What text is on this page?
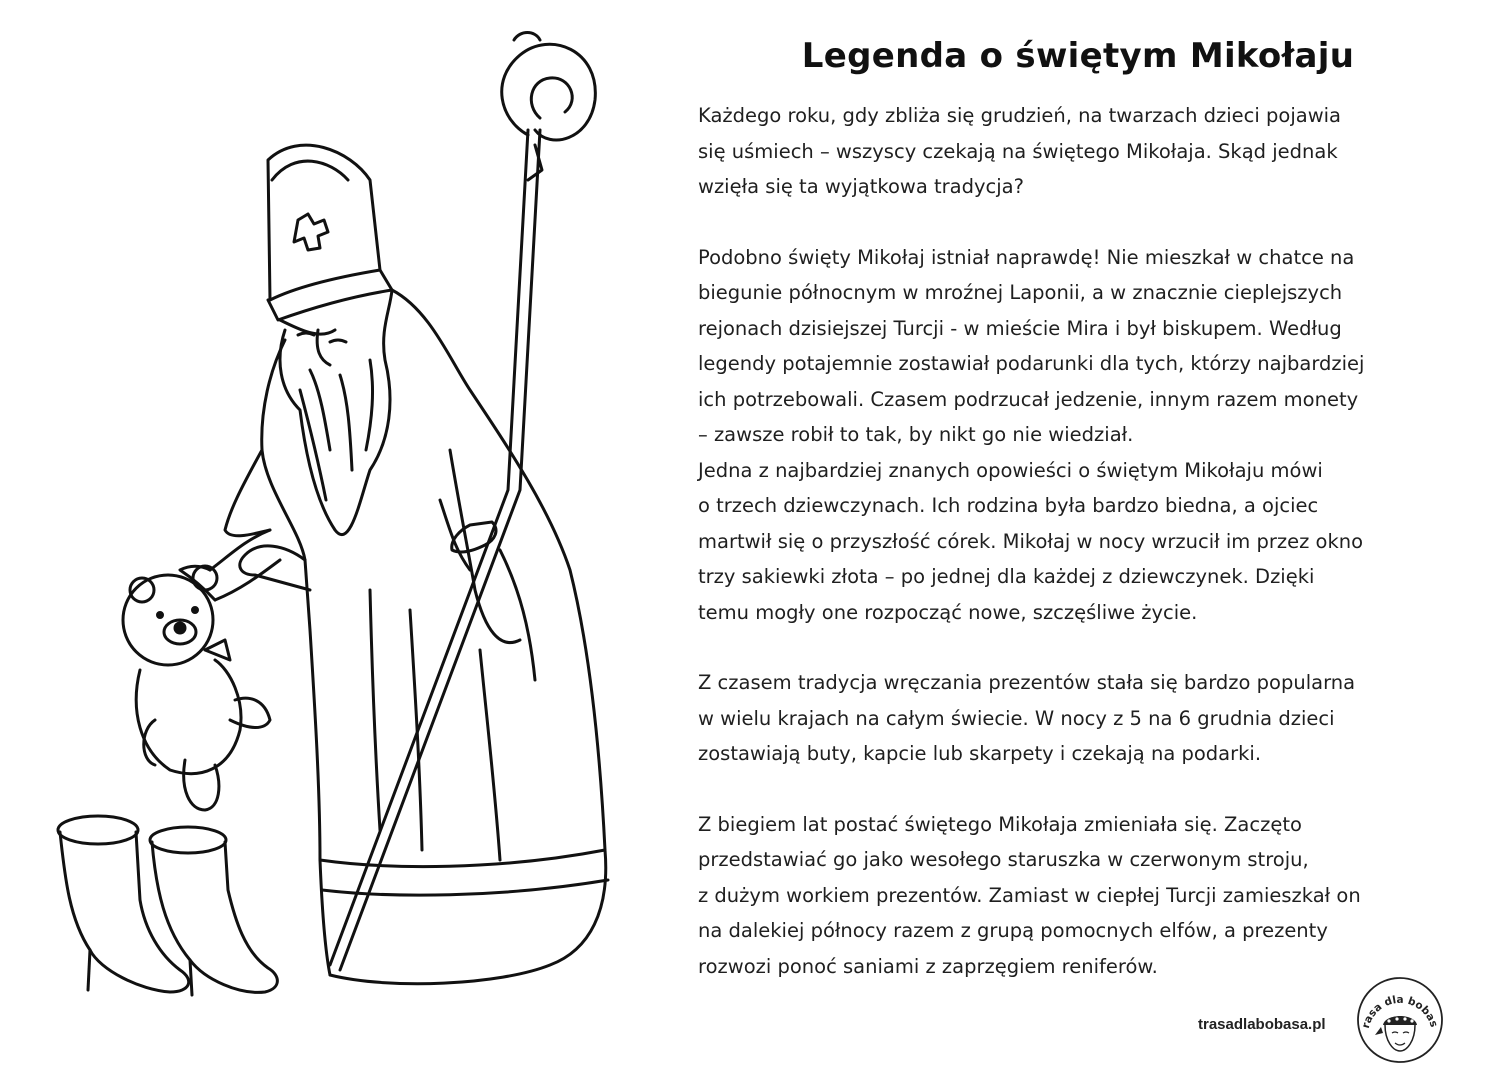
Legenda o świętym Mikołaju

Każdego roku, gdy zbliża się grudzień, na twarzach dzieci pojawia
się uśmiech – wszyscy czekają na świętego Mikołaja. Skąd jednak
wzięła się ta wyjątkowa tradycja?

Podobno święty Mikołaj istniał naprawdę! Nie mieszkał w chatce na
biegunie północnym w mroźnej Laponii, a w znacznie cieplejszych
rejonach dzisiejszej Turcji - w mieście Mira i był biskupem. Według
legendy potajemnie zostawiał podarunki dla tych, którzy najbardziej
ich potrzebowali. Czasem podrzucał jedzenie, innym razem monety
– zawsze robił to tak, by nikt go nie wiedział.
Jedna z najbardziej znanych opowieści o świętym Mikołaju mówi
o trzech dziewczynach. Ich rodzina była bardzo biedna, a ojciec
martwił się o przyszłość córek. Mikołaj w nocy wrzucił im przez okno
trzy sakiewki złota – po jednej dla każdej z dziewczynek. Dzięki
temu mogły one rozpocząć nowe, szczęśliwe życie.

Z czasem tradycja wręczania prezentów stała się bardzo popularna
w wielu krajach na całym świecie. W nocy z 5 na 6 grudnia dzieci
zostawiają buty, kapcie lub skarpety i czekają na podarki.

Z biegiem lat postać świętego Mikołaja zmieniała się. Zaczęto
przedstawiać go jako wesołego staruszka w czerwonym stroju,
z dużym workiem prezentów. Zamiast w ciepłej Turcji zamieszkał on
na dalekiej północy razem z grupą pomocnych elfów, a prezenty
rozwozi ponoć saniami z zaprzęgiem reniferów.

trasadlabobasa.pl	rasa dla bobas
